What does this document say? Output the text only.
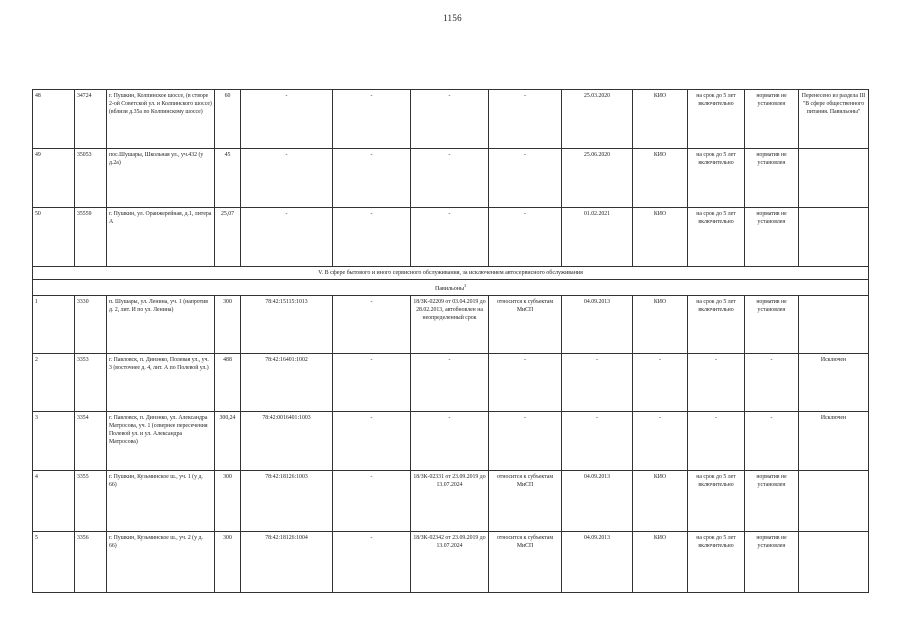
1156
48	34724	г. Пушкин, Колпинское шоссе, (в створе 2-ой Советской ул. и Колпинского шоссе) (вблизи д.35а по Колпинскому шоссе)	60	-	-	-	-	25.03.2020	КИО	на срок до 5 лет включительно	норматив не установлен	Перенесено из раздела III "В сфере общественного питания. Павильоны"
49	35053	пос.Шушары, Школьная ул., уч.432 (у д.2а)	45	-	-	-	-	25.06.2020	КИО	на срок до 5 лет включительно	норматив не установлен	
50	35559	г. Пушкин, ул. Оранжерейная, д.1, литера А	25,07	-	-	-	-	01.02.2021	КИО	на срок до 5 лет включительно	норматив не установлен	
V. В сфере бытового и иного сервисного обслуживания, за исключением автосервисного обслуживания												
Павильоны$^3$
1	3330	п. Шушары, ул. Ленина, уч. 1 (напротив д. 2, лит. И по ул. Ленина)	300	78:42:15115:1013	-	18/ЗК-02209 от 03.04.2019 до 28.02.2013, автобновлен на неопределенный срок	относится к субъектам МиСП	04.09.2013	КИО	на срок до 5 лет включительно	норматив не установлен	
2	3353	г. Павловск, п. Динэнко, Полевая ул., уч. 3 (восточнее д. 4, лит. А по Полевой ул.)	488	78:42:16401:1002	-	-	-	-	-	-	-	Исключен
3	3354	г. Павловск, п. Динэнко, ул. Александра Матросова, уч. 1 (севернее пересечения Полевой ул. и ул. Александра Матросова)	300,24	78:42:0016401:1003	-	-	-	-	-	-	-	Исключен
4	3355	г. Пушкин, Кузьминское ш., уч. 1 (у д. 66)	300	78:42:18126:1003	-	18/ЗК-02331 от 23.09.2019 до 13.07.2024	относится к субъектам МиСП	04.09.2013	КИО	на срок до 5 лет включительно	норматив не установлен	
5	3356	г. Пушкин, Кузьминское ш., уч. 2 (у д. 66)	300	78:42:18126:1004	-	18/ЗК-02342 от 23.09.2019 до 13.07.2024	относится к субъектам МиСП	04.09.2013	КИО	на срок до 5 лет включительно	норматив не установлен	
